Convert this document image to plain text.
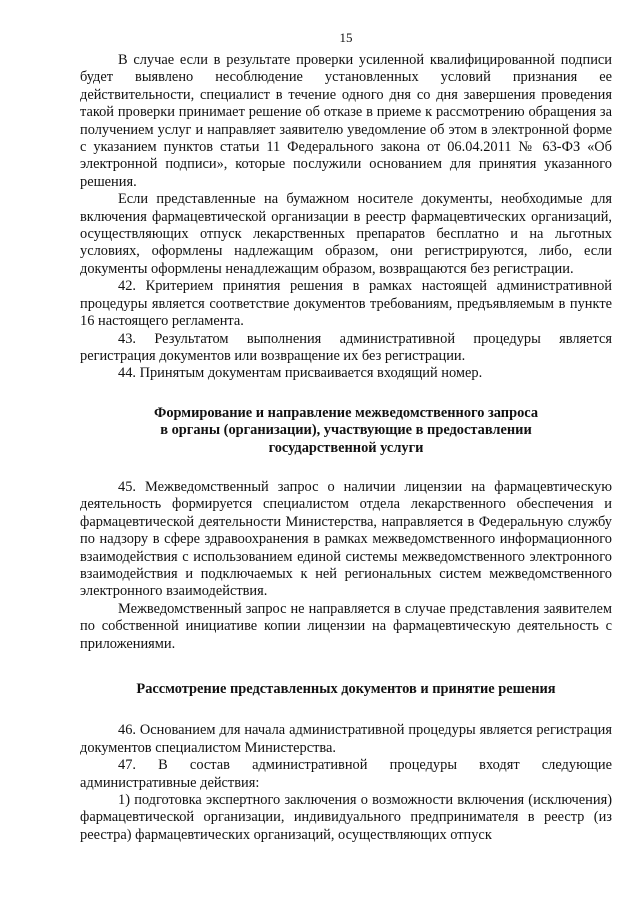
15

В случае если в результате проверки усиленной квалифицированной подписи будет выявлено несоблюдение установленных условий признания ее действительности, специалист в течение одного дня со дня завершения проведения такой проверки принимает решение об отказе в приеме к рассмотрению обращения за получением услуг и направляет заявителю уведомление об этом в электронной форме с указанием пунктов статьи 11 Федерального закона от 06.04.2011 № 63-ФЗ «Об электронной подписи», которые послужили основанием для принятия указанного решения.

Если представленные на бумажном носителе документы, необходимые для включения фармацевтической организации в реестр фармацевтических организаций, осуществляющих отпуск лекарственных препаратов бесплатно и на льготных условиях, оформлены надлежащим образом, они регистрируются, либо, если документы оформлены ненадлежащим образом, возвращаются без регистрации.

42. Критерием принятия решения в рамках настоящей административной процедуры является соответствие документов требованиям, предъявляемым в пункте 16 настоящего регламента.

43. Результатом выполнения административной процедуры является регистрация документов или возвращение их без регистрации.

44. Принятым документам присваивается входящий номер.

Формирование и направление межведомственного запроса
в органы (организации), участвующие в предоставлении
государственной услуги

45. Межведомственный запрос о наличии лицензии на фармацевтическую деятельность формируется специалистом отдела лекарственного обеспечения и фармацевтической деятельности Министерства, направляется в Федеральную службу по надзору в сфере здравоохранения в рамках межведомственного информационного взаимодействия с использованием единой системы межведомственного электронного взаимодействия и подключаемых к ней региональных систем межведомственного электронного взаимодействия.

Межведомственный запрос не направляется в случае представления заявителем по собственной инициативе копии лицензии на фармацевтическую деятельность с приложениями.

Рассмотрение представленных документов и принятие решения

46. Основанием для начала административной процедуры является регистрация документов специалистом Министерства.

47. В состав административной процедуры входят следующие административные действия:

1) подготовка экспертного заключения о возможности включения (исключения) фармацевтической организации, индивидуального предпринимателя в реестр (из реестра) фармацевтических организаций, осуществляющих отпуск
